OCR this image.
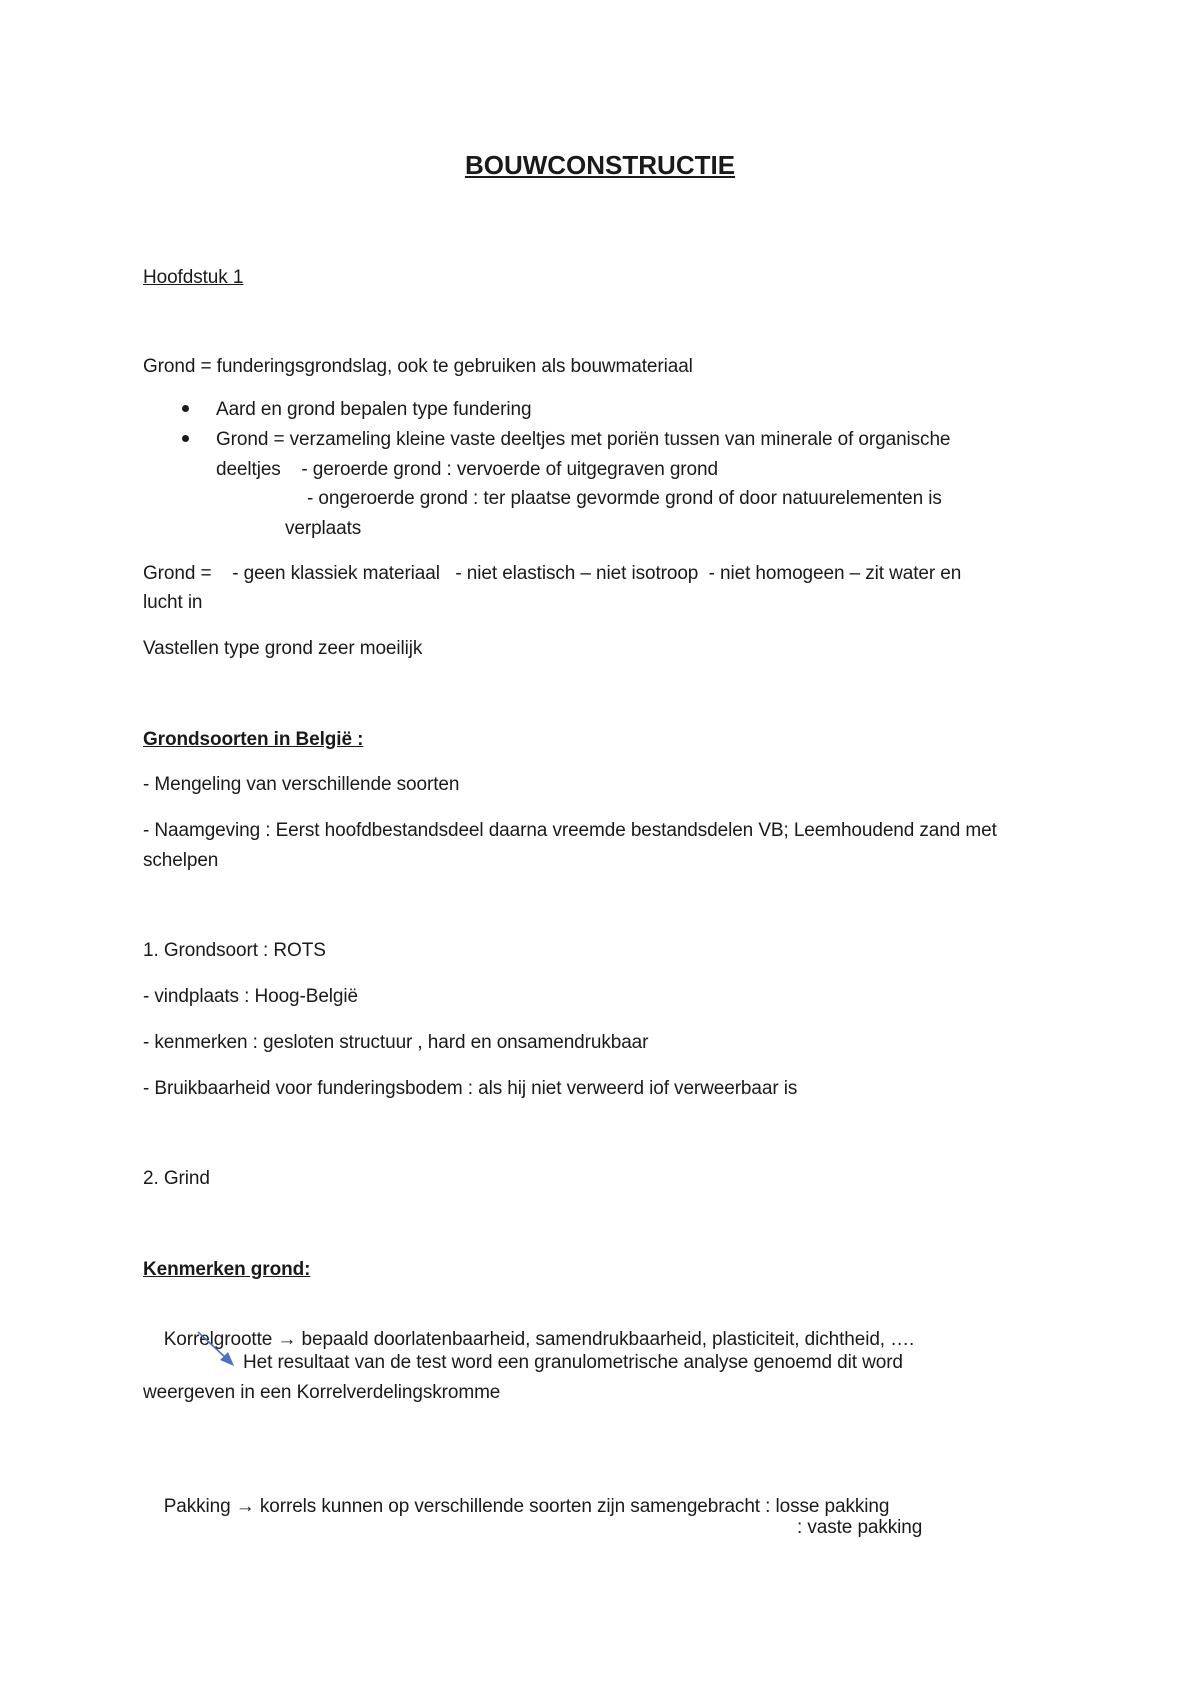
BOUWCONSTRUCTIE
Hoofdstuk 1
Grond = funderingsgrondslag, ook te gebruiken als bouwmateriaal
Aard en grond bepalen type fundering
Grond = verzameling kleine vaste deeltjes met poriën tussen van minerale of organische
deeltjes    - geroerde grond : vervoerde of uitgegraven grond
- ongeroerde grond : ter plaatse gevormde grond of door natuurelementen is
verplaats
Grond =    - geen klassiek materiaal   - niet elastisch – niet isotroop  - niet homogeen – zit water en
lucht in
Vastellen type grond zeer moeilijk
Grondsoorten in België :
- Mengeling van verschillende soorten
- Naamgeving : Eerst hoofdbestandsdeel daarna vreemde bestandsdelen VB; Leemhoudend zand met
schelpen
1. Grondsoort : ROTS
- vindplaats : Hoog-België
- kenmerken : gesloten structuur , hard en onsamendrukbaar
- Bruikbaarheid voor funderingsbodem : als hij niet verweerd iof verweerbaar is
2. Grind
Kenmerken grond:

Korrelgrootte → bepaald doorlatenbaarheid, samendrukbaarheid, plasticiteit, dichtheid, ….

Het resultaat van de test word een granulometrische analyse genoemd dit word
weergeven in een Korrelverdelingskromme

Pakking → korrels kunnen op verschillende soorten zijn samengebracht : losse pakking

: vaste pakking
